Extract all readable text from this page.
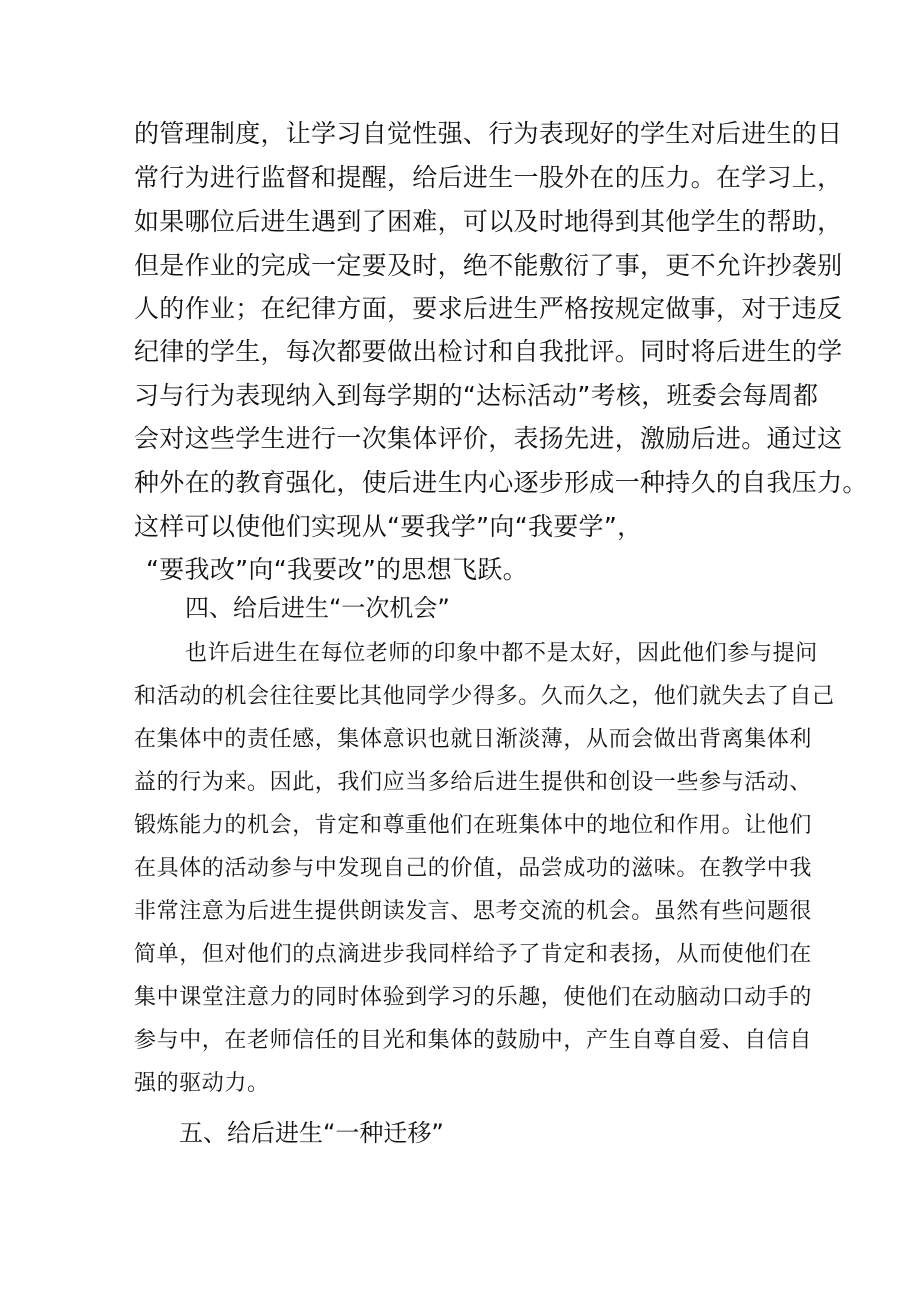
的管理制度，让学习自觉性强、行为表现好的学生对后进生的日
常行为进行监督和提醒，给后进生一股外在的压力。在学习上，
如果哪位后进生遇到了困难，可以及时地得到其他学生的帮助，
但是作业的完成一定要及时，绝不能敷衍了事，更不允许抄袭别
人的作业；在纪律方面，要求后进生严格按规定做事，对于违反
纪律的学生，每次都要做出检讨和自我批评。同时将后进生的学
习与行为表现纳入到每学期的“达标活动”考核，班委会每周都
会对这些学生进行一次集体评价，表扬先进，激励后进。通过这
种外在的教育强化，使后进生内心逐步形成一种持久的自我压力。
这样可以使他们实现从“要我学”向“我要学”，
“要我改”向“我要改”的思想飞跃。
四、给后进生“一次机会”
也许后进生在每位老师的印象中都不是太好，因此他们参与提问
和活动的机会往往要比其他同学少得多。久而久之，他们就失去了自己
在集体中的责任感，集体意识也就日渐淡薄，从而会做出背离集体利
益的行为来。因此，我们应当多给后进生提供和创设一些参与活动、
锻炼能力的机会，肯定和尊重他们在班集体中的地位和作用。让他们
在具体的活动参与中发现自己的价值，品尝成功的滋味。在教学中我
非常注意为后进生提供朗读发言、思考交流的机会。虽然有些问题很
简单，但对他们的点滴进步我同样给予了肯定和表扬，从而使他们在
集中课堂注意力的同时体验到学习的乐趣，使他们在动脑动口动手的
参与中，在老师信任的目光和集体的鼓励中，产生自尊自爱、自信自
强的驱动力。
五、给后进生“一种迁移”
